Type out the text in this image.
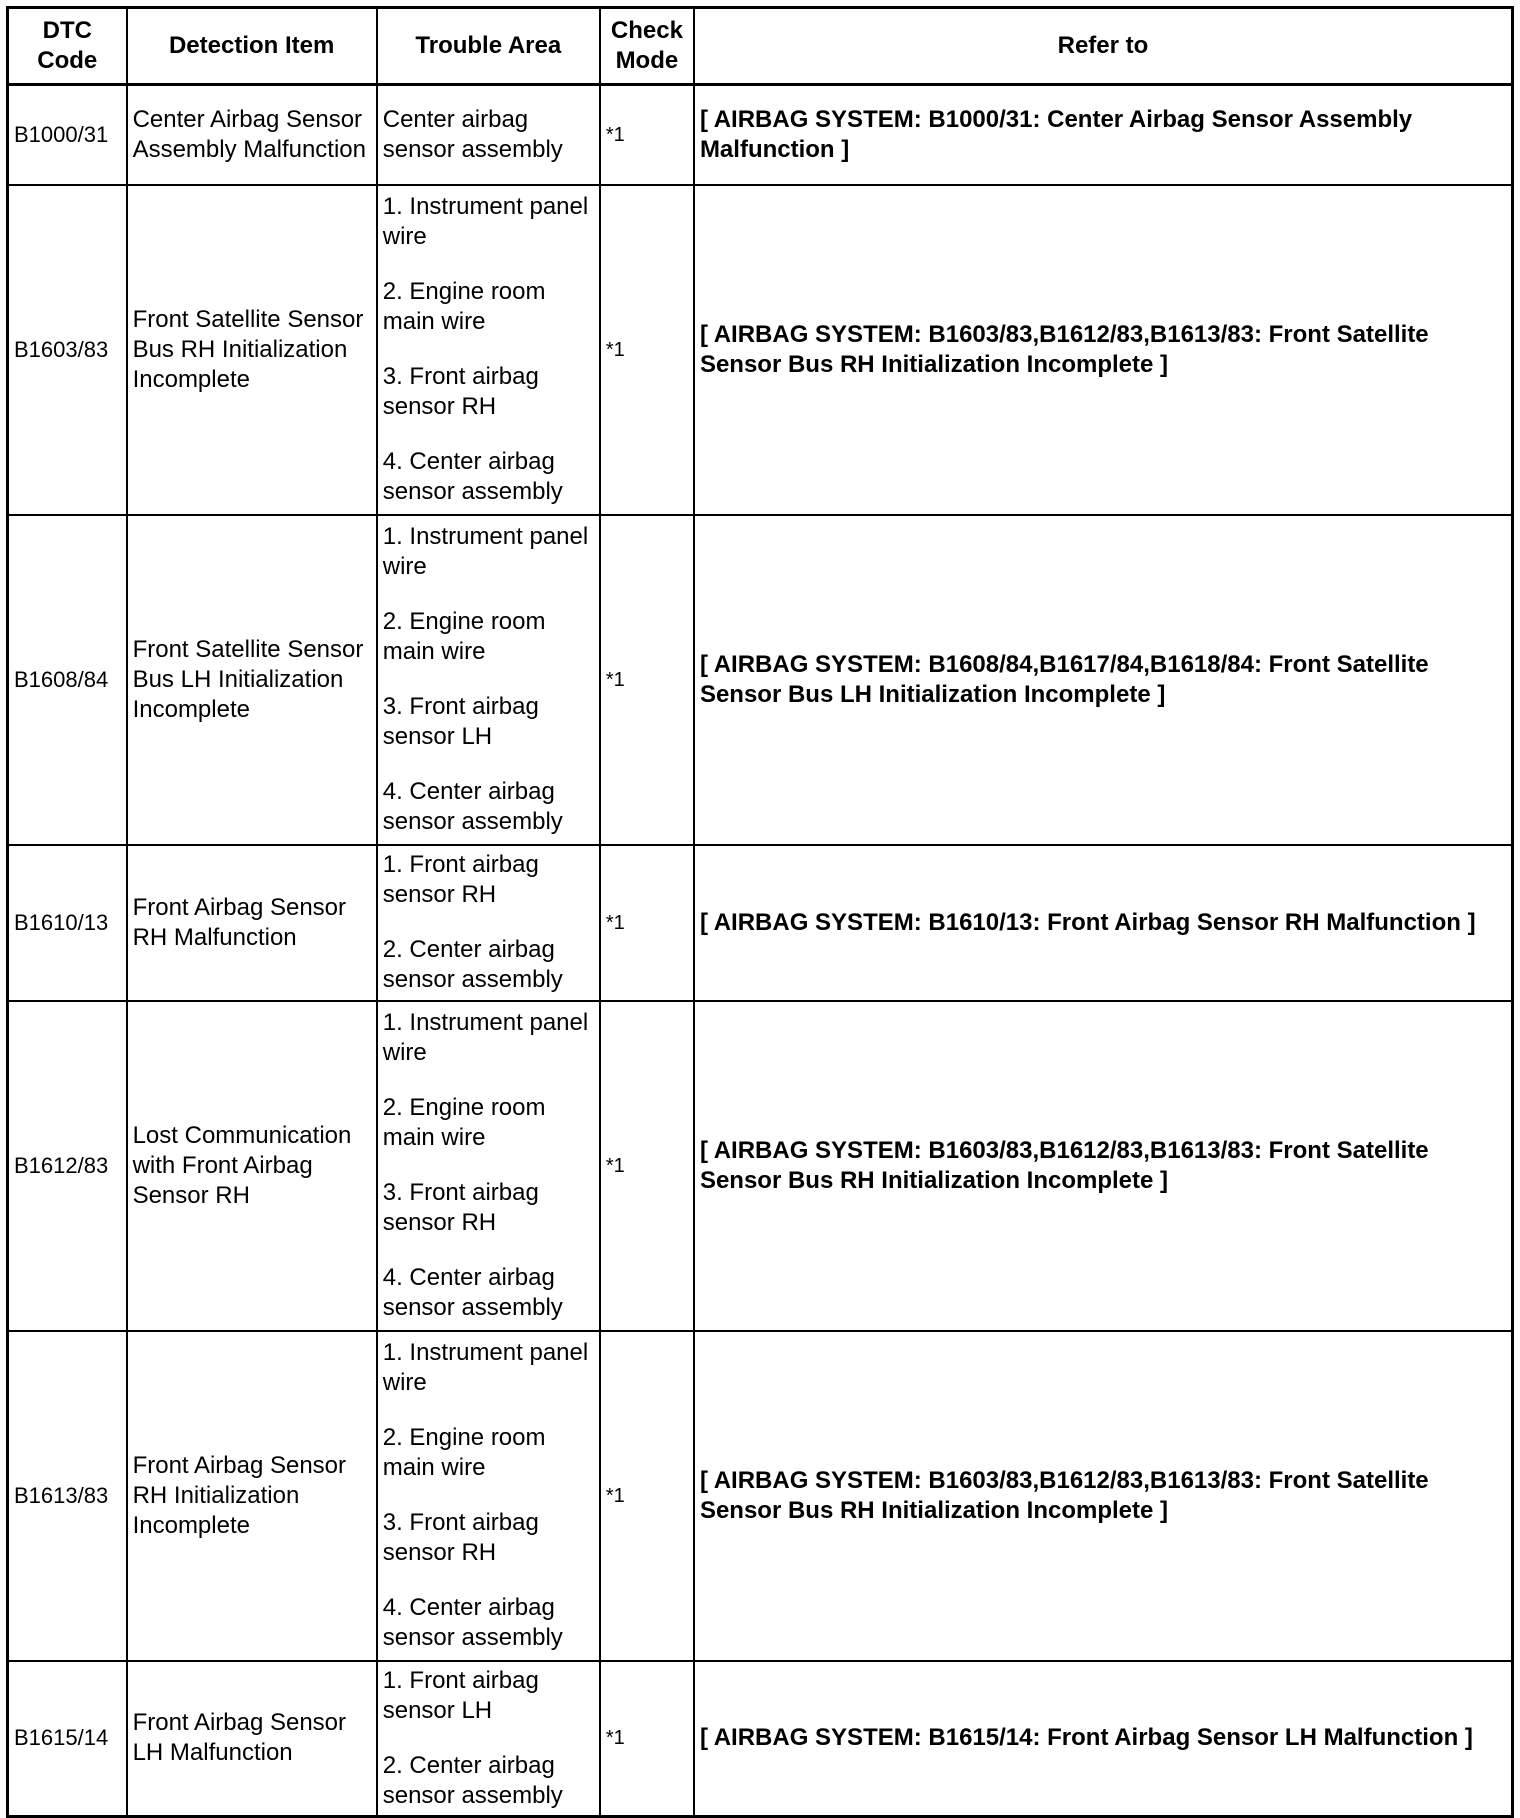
DTC Code	Detection Item	Trouble Area	Check Mode	Refer to
B1000/31	Center Airbag Sensor Assembly Malfunction	Center airbag sensor assembly	*1	[ AIRBAG SYSTEM: B1000/31: Center Airbag Sensor Assembly Malfunction ]
B1603/83	Front Satellite Sensor Bus RH Initialization Incomplete	1. Instrument panel wire
2. Engine room main wire
3. Front airbag sensor RH
4. Center airbag sensor assembly	*1	[ AIRBAG SYSTEM: B1603/83,B1612/83,B1613/83: Front Satellite Sensor Bus RH Initialization Incomplete ]
B1608/84	Front Satellite Sensor Bus LH Initialization Incomplete	1. Instrument panel wire
2. Engine room main wire
3. Front airbag sensor LH
4. Center airbag sensor assembly	*1	[ AIRBAG SYSTEM: B1608/84,B1617/84,B1618/84: Front Satellite Sensor Bus LH Initialization Incomplete ]
B1610/13	Front Airbag Sensor RH Malfunction	1. Front airbag sensor RH
2. Center airbag sensor assembly	*1	[ AIRBAG SYSTEM: B1610/13: Front Airbag Sensor RH Malfunction ]
B1612/83	Lost Communication with Front Airbag Sensor RH	1. Instrument panel wire
2. Engine room main wire
3. Front airbag sensor RH
4. Center airbag sensor assembly	*1	[ AIRBAG SYSTEM: B1603/83,B1612/83,B1613/83: Front Satellite Sensor Bus RH Initialization Incomplete ]
B1613/83	Front Airbag Sensor RH Initialization Incomplete	1. Instrument panel wire
2. Engine room main wire
3. Front airbag sensor RH
4. Center airbag sensor assembly	*1	[ AIRBAG SYSTEM: B1603/83,B1612/83,B1613/83: Front Satellite Sensor Bus RH Initialization Incomplete ]
B1615/14	Front Airbag Sensor LH Malfunction	1. Front airbag sensor LH
2. Center airbag sensor assembly	*1	[ AIRBAG SYSTEM: B1615/14: Front Airbag Sensor LH Malfunction ]
